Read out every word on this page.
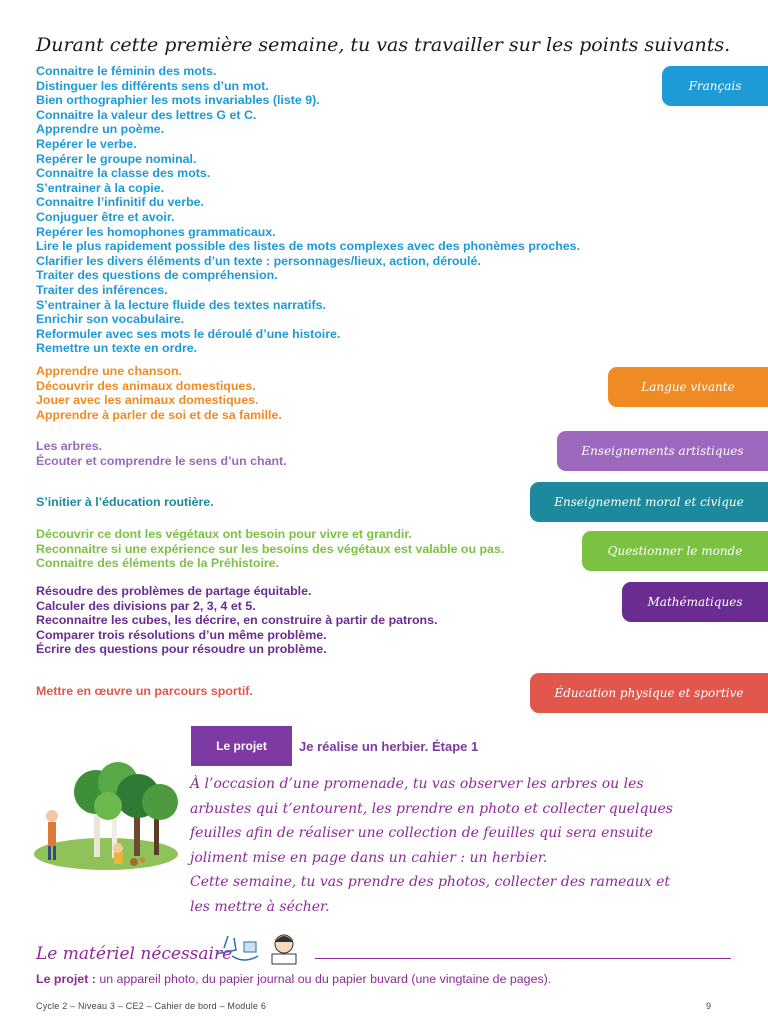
Durant cette première semaine, tu vas travailler sur les points suivants.
Connaitre le féminin des mots.
Distinguer les différents sens d’un mot.
Bien orthographier les mots invariables (liste 9).
Connaitre la valeur des lettres G et C.
Apprendre un poème.
Repérer le verbe.
Repérer le groupe nominal.
Connaitre la classe des mots.
S’entrainer à la copie.
Connaitre l’infinitif du verbe.
Conjuguer être et avoir.
Repérer les homophones grammaticaux.
Lire le plus rapidement possible des listes de mots complexes avec des phonèmes proches.
Clarifier les divers éléments d’un texte : personnages/lieux, action, déroulé.
Traiter des questions de compréhension.
Traiter des inférences.
S’entrainer à la lecture fluide des textes narratifs.
Enrichir son vocabulaire.
Reformuler avec ses mots le déroulé d’une histoire.
Remettre un texte en ordre.
Français
Apprendre une chanson.
Découvrir des animaux domestiques.
Jouer avec les animaux domestiques.
Apprendre à parler de soi et de sa famille.
Langue vivante
Les arbres.
Écouter et comprendre le sens d’un chant.
Enseignements artistiques
S’initier à l’éducation routière.	Enseignement moral et civique
Découvrir ce dont les végétaux ont besoin pour vivre et grandir.
Reconnaitre si une expérience sur les besoins des végétaux est valable ou pas.
Connaitre des éléments de la Préhistoire.
Questionner le monde
Résoudre des problèmes de partage équitable.
Calculer des divisions par 2, 3, 4 et 5.
Reconnaitre les cubes, les décrire, en construire à partir de patrons.
Comparer trois résolutions d’un même problème.
Écrire des questions pour résoudre un problème.
Mathématiques
Mettre en œuvre un parcours sportif.	Éducation physique et sportive
Le projet	Je réalise un herbier. Étape 1
À l’occasion d’une promenade, tu vas observer les arbres ou les arbustes qui t’entourent, les prendre en photo et collecter quelques feuilles afin de réaliser une collection de feuilles qui sera ensuite joliment mise en page dans un cahier : un herbier.
Cette semaine, tu vas prendre des photos, collecter des rameaux et les mettre à sécher.
Le matériel nécessaire
Le projet : un appareil photo, du papier journal ou du papier buvard (une vingtaine de pages).
Cycle 2 – Niveau 3 – CE2 – Cahier de bord – Module 6	9
